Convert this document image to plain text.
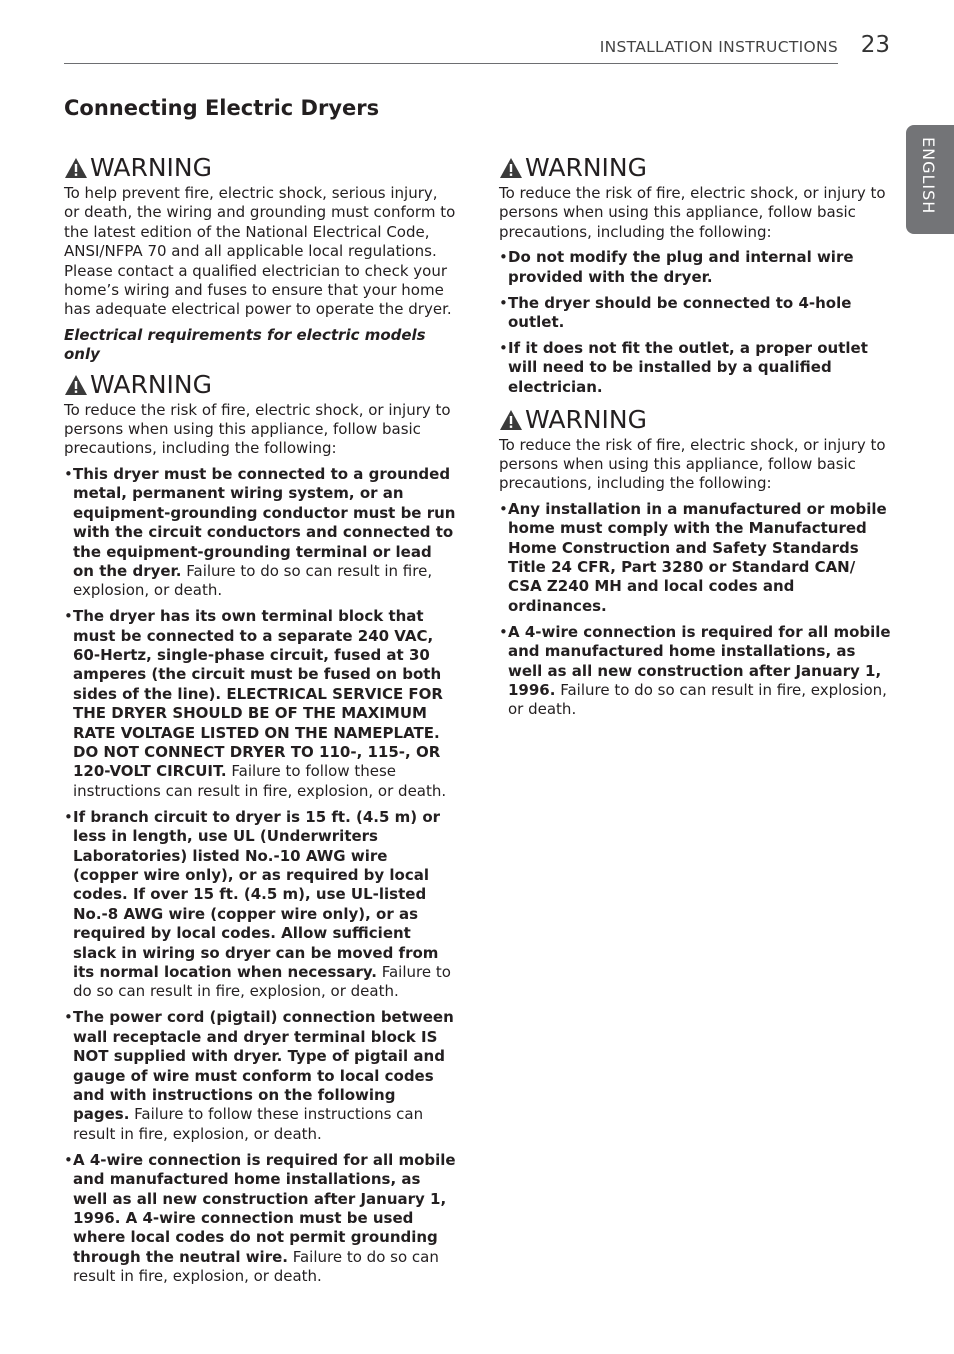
INSTALLATION INSTRUCTIONS 23
ENGLISH
Connecting Electric Dryers
WARNING

To help prevent fire, electric shock, serious injury, or death, the wiring and grounding must conform to the latest edition of the National Electrical Code, ANSI/NFPA 70 and all applicable local regulations. Please contact a qualified electrician to check your home’s wiring and fuses to ensure that your home has adequate electrical power to operate the dryer.

Electrical requirements for electric models only

WARNING

To reduce the risk of fire, electric shock, or injury to persons when using this appliance, follow basic precautions, including the following:

• This dryer must be connected to a grounded metal, permanent wiring system, or an equipment-grounding conductor must be run with the circuit conductors and connected to the equipment-grounding terminal or lead on the dryer. Failure to do so can result in fire, explosion, or death.
• The dryer has its own terminal block that must be connected to a separate 240 VAC, 60-Hertz, single-phase circuit, fused at 30 amperes (the circuit must be fused on both sides of the line). ELECTRICAL SERVICE FOR THE DRYER SHOULD BE OF THE MAXIMUM RATE VOLTAGE LISTED ON THE NAMEPLATE. DO NOT CONNECT DRYER TO 110-, 115-, OR 120-VOLT CIRCUIT. Failure to follow these instructions can result in fire, explosion, or death.
• If branch circuit to dryer is 15 ft. (4.5 m) or less in length, use UL (Underwriters Laboratories) listed No.-10 AWG wire (copper wire only), or as required by local codes. If over 15 ft. (4.5 m), use UL-listed No.-8 AWG wire (copper wire only), or as required by local codes. Allow sufficient slack in wiring so dryer can be moved from its normal location when necessary. Failure to do so can result in fire, explosion, or death.
• The power cord (pigtail) connection between wall receptacle and dryer terminal block IS NOT supplied with dryer. Type of pigtail and gauge of wire must conform to local codes and with instructions on the following pages. Failure to follow these instructions can result in fire, explosion, or death.
• A 4-wire connection is required for all mobile and manufactured home installations, as well as all new construction after January 1, 1996. A 4-wire connection must be used where local codes do not permit grounding through the neutral wire. Failure to do so can result in fire, explosion, or death.
WARNING

To reduce the risk of fire, electric shock, or injury to persons when using this appliance, follow basic precautions, including the following:

• Do not modify the plug and internal wire provided with the dryer.
• The dryer should be connected to 4-hole outlet.
• If it does not fit the outlet, a proper outlet will need to be installed by a qualified electrician.
WARNING

To reduce the risk of fire, electric shock, or injury to persons when using this appliance, follow basic precautions, including the following:

• Any installation in a manufactured or mobile home must comply with the Manufactured Home Construction and Safety Standards Title 24 CFR, Part 3280 or Standard CAN/ CSA Z240 MH and local codes and ordinances.
• A 4-wire connection is required for all mobile and manufactured home installations, as well as all new construction after January 1, 1996. Failure to do so can result in fire, explosion, or death.
